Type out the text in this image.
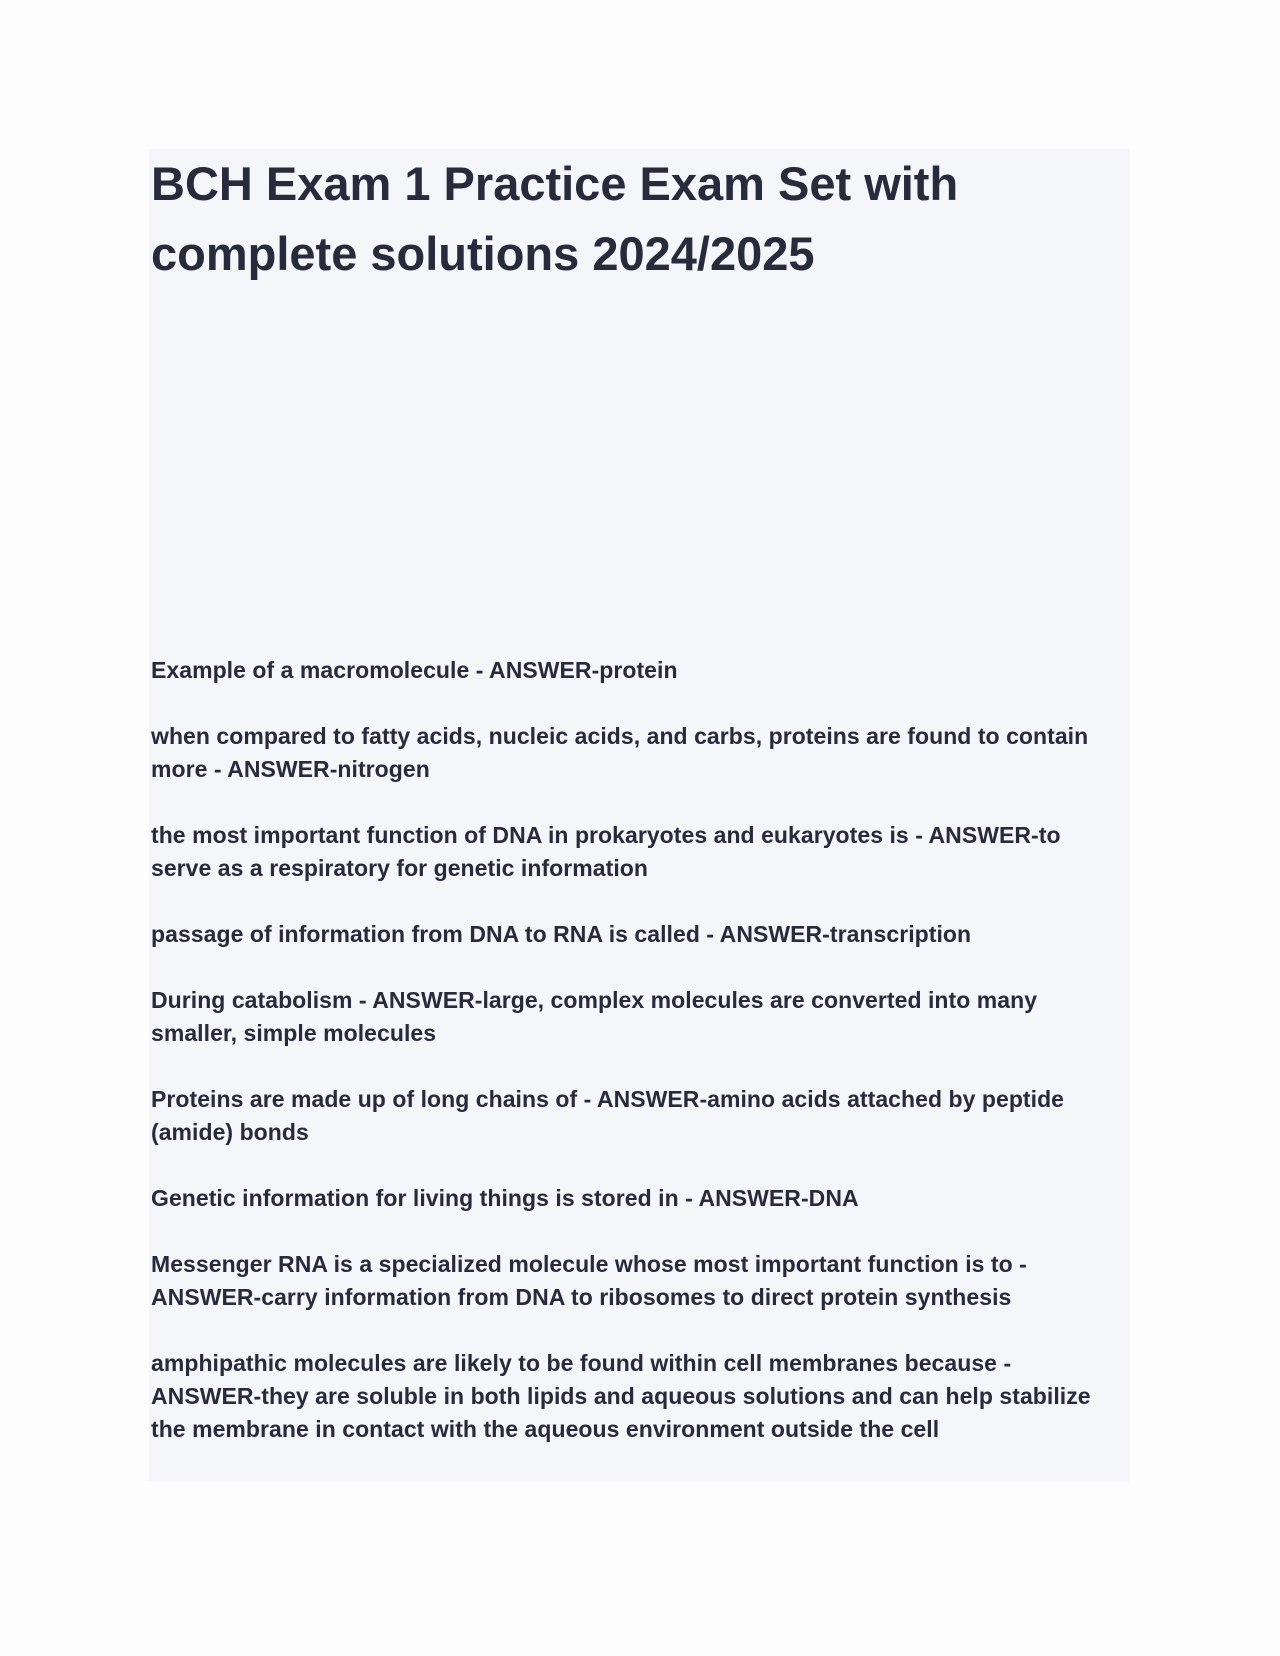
BCH Exam 1 Practice Exam Set with complete solutions 2024/2025
Example of a macromolecule - ANSWER-protein
when compared to fatty acids, nucleic acids, and carbs, proteins are found to contain more - ANSWER-nitrogen
the most important function of DNA in prokaryotes and eukaryotes is - ANSWER-to serve as a respiratory for genetic information
passage of information from DNA to RNA is called - ANSWER-transcription
During catabolism - ANSWER-large, complex molecules are converted into many smaller, simple molecules
Proteins are made up of long chains of - ANSWER-amino acids attached by peptide (amide) bonds
Genetic information for living things is stored in - ANSWER-DNA
Messenger RNA is a specialized molecule whose most important function is to - ANSWER-carry information from DNA to ribosomes to direct protein synthesis
amphipathic molecules are likely to be found within cell membranes because - ANSWER-they are soluble in both lipids and aqueous solutions and can help stabilize the membrane in contact with the aqueous environment outside the cell
